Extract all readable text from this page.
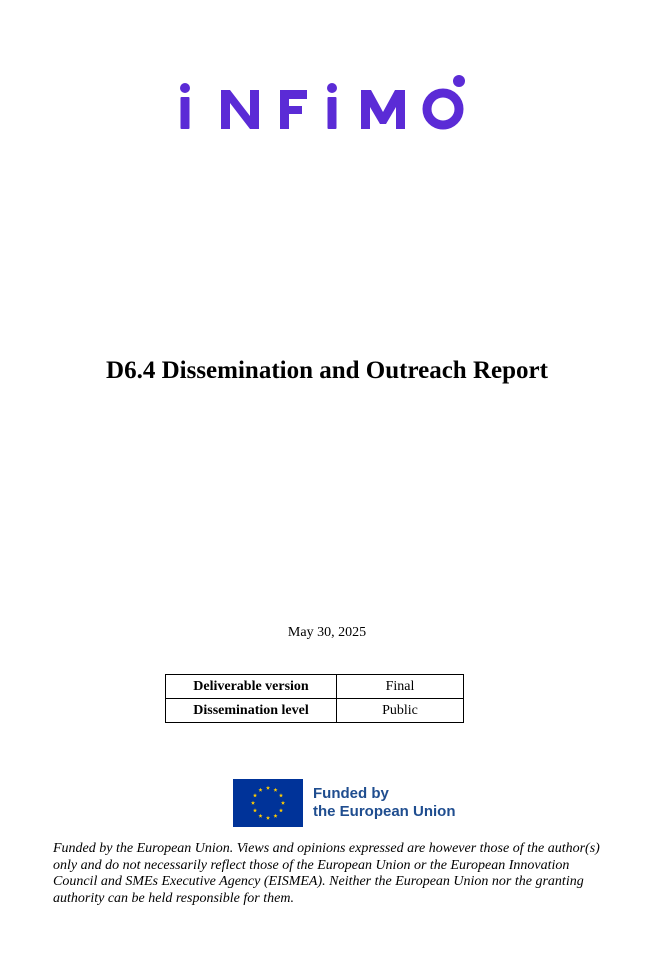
D6.4 Dissemination and Outreach Report
May 30, 2025
Deliverable version	Final
Dissemination level	Public
Funded by
the European Union

Funded by the European Union. Views and opinions expressed are however those of the author(s) only and do not necessarily reflect those of the European Union or the European Innovation Council and SMEs Executive Agency (EISMEA). Neither the European Union nor the granting authority can be held responsible for them.
